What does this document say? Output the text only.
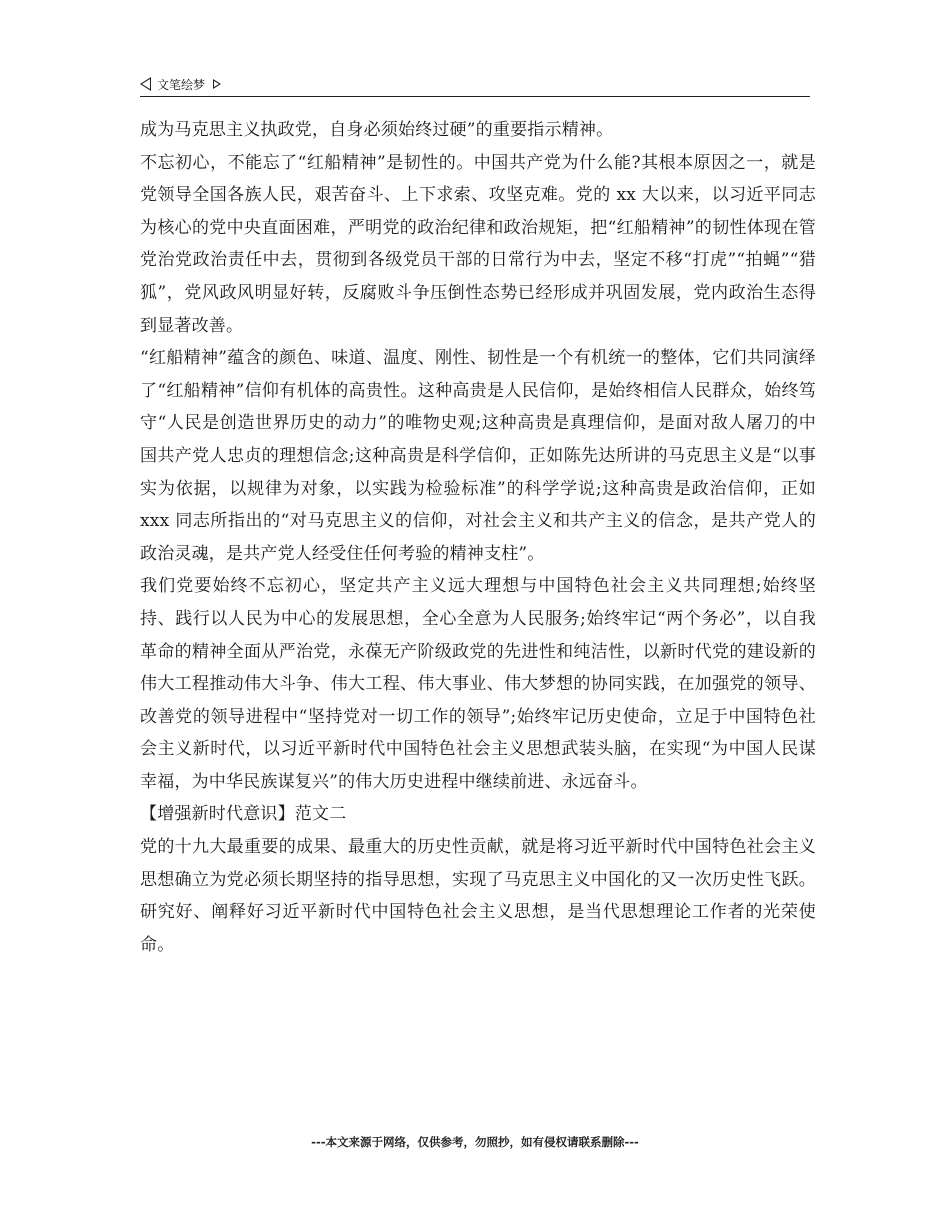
文笔绘梦

成为马克思主义执政党，自身必须始终过硬”的重要指示精神。

不忘初心，不能忘了“红船精神”是韧性的。中国共产党为什么能?其根本原因之一，就是党领导全国各族人民，艰苦奋斗、上下求索、攻坚克难。党的 xx 大以来，以习近平同志为核心的党中央直面困难，严明党的政治纪律和政治规矩，把“红船精神”的韧性体现在管党治党政治责任中去，贯彻到各级党员干部的日常行为中去，坚定不移“打虎”“拍蝇”“猎狐”，党风政风明显好转，反腐败斗争压倒性态势已经形成并巩固发展，党内政治生态得到显著改善。

“红船精神”蕴含的颜色、味道、温度、刚性、韧性是一个有机统一的整体，它们共同演绎了“红船精神”信仰有机体的高贵性。这种高贵是人民信仰，是始终相信人民群众，始终笃守“人民是创造世界历史的动力”的唯物史观;这种高贵是真理信仰，是面对敌人屠刀的中国共产党人忠贞的理想信念;这种高贵是科学信仰，正如陈先达所讲的马克思主义是“以事实为依据，以规律为对象，以实践为检验标准”的科学学说;这种高贵是政治信仰，正如 xxx 同志所指出的“对马克思主义的信仰，对社会主义和共产主义的信念，是共产党人的政治灵魂，是共产党人经受住任何考验的精神支柱”。

我们党要始终不忘初心，坚定共产主义远大理想与中国特色社会主义共同理想;始终坚持、践行以人民为中心的发展思想，全心全意为人民服务;始终牢记“两个务必”，以自我革命的精神全面从严治党，永葆无产阶级政党的先进性和纯洁性，以新时代党的建设新的伟大工程推动伟大斗争、伟大工程、伟大事业、伟大梦想的协同实践，在加强党的领导、改善党的领导进程中“坚持党对一切工作的领导”;始终牢记历史使命，立足于中国特色社会主义新时代，以习近平新时代中国特色社会主义思想武装头脑，在实现“为中国人民谋幸福，为中华民族谋复兴”的伟大历史进程中继续前进、永远奋斗。

【增强新时代意识】范文二

党的十九大最重要的成果、最重大的历史性贡献，就是将习近平新时代中国特色社会主义思想确立为党必须长期坚持的指导思想，实现了马克思主义中国化的又一次历史性飞跃。研究好、阐释好习近平新时代中国特色社会主义思想，是当代思想理论工作者的光荣使命。

---本文来源于网络，仅供参考，勿照抄，如有侵权请联系删除---
